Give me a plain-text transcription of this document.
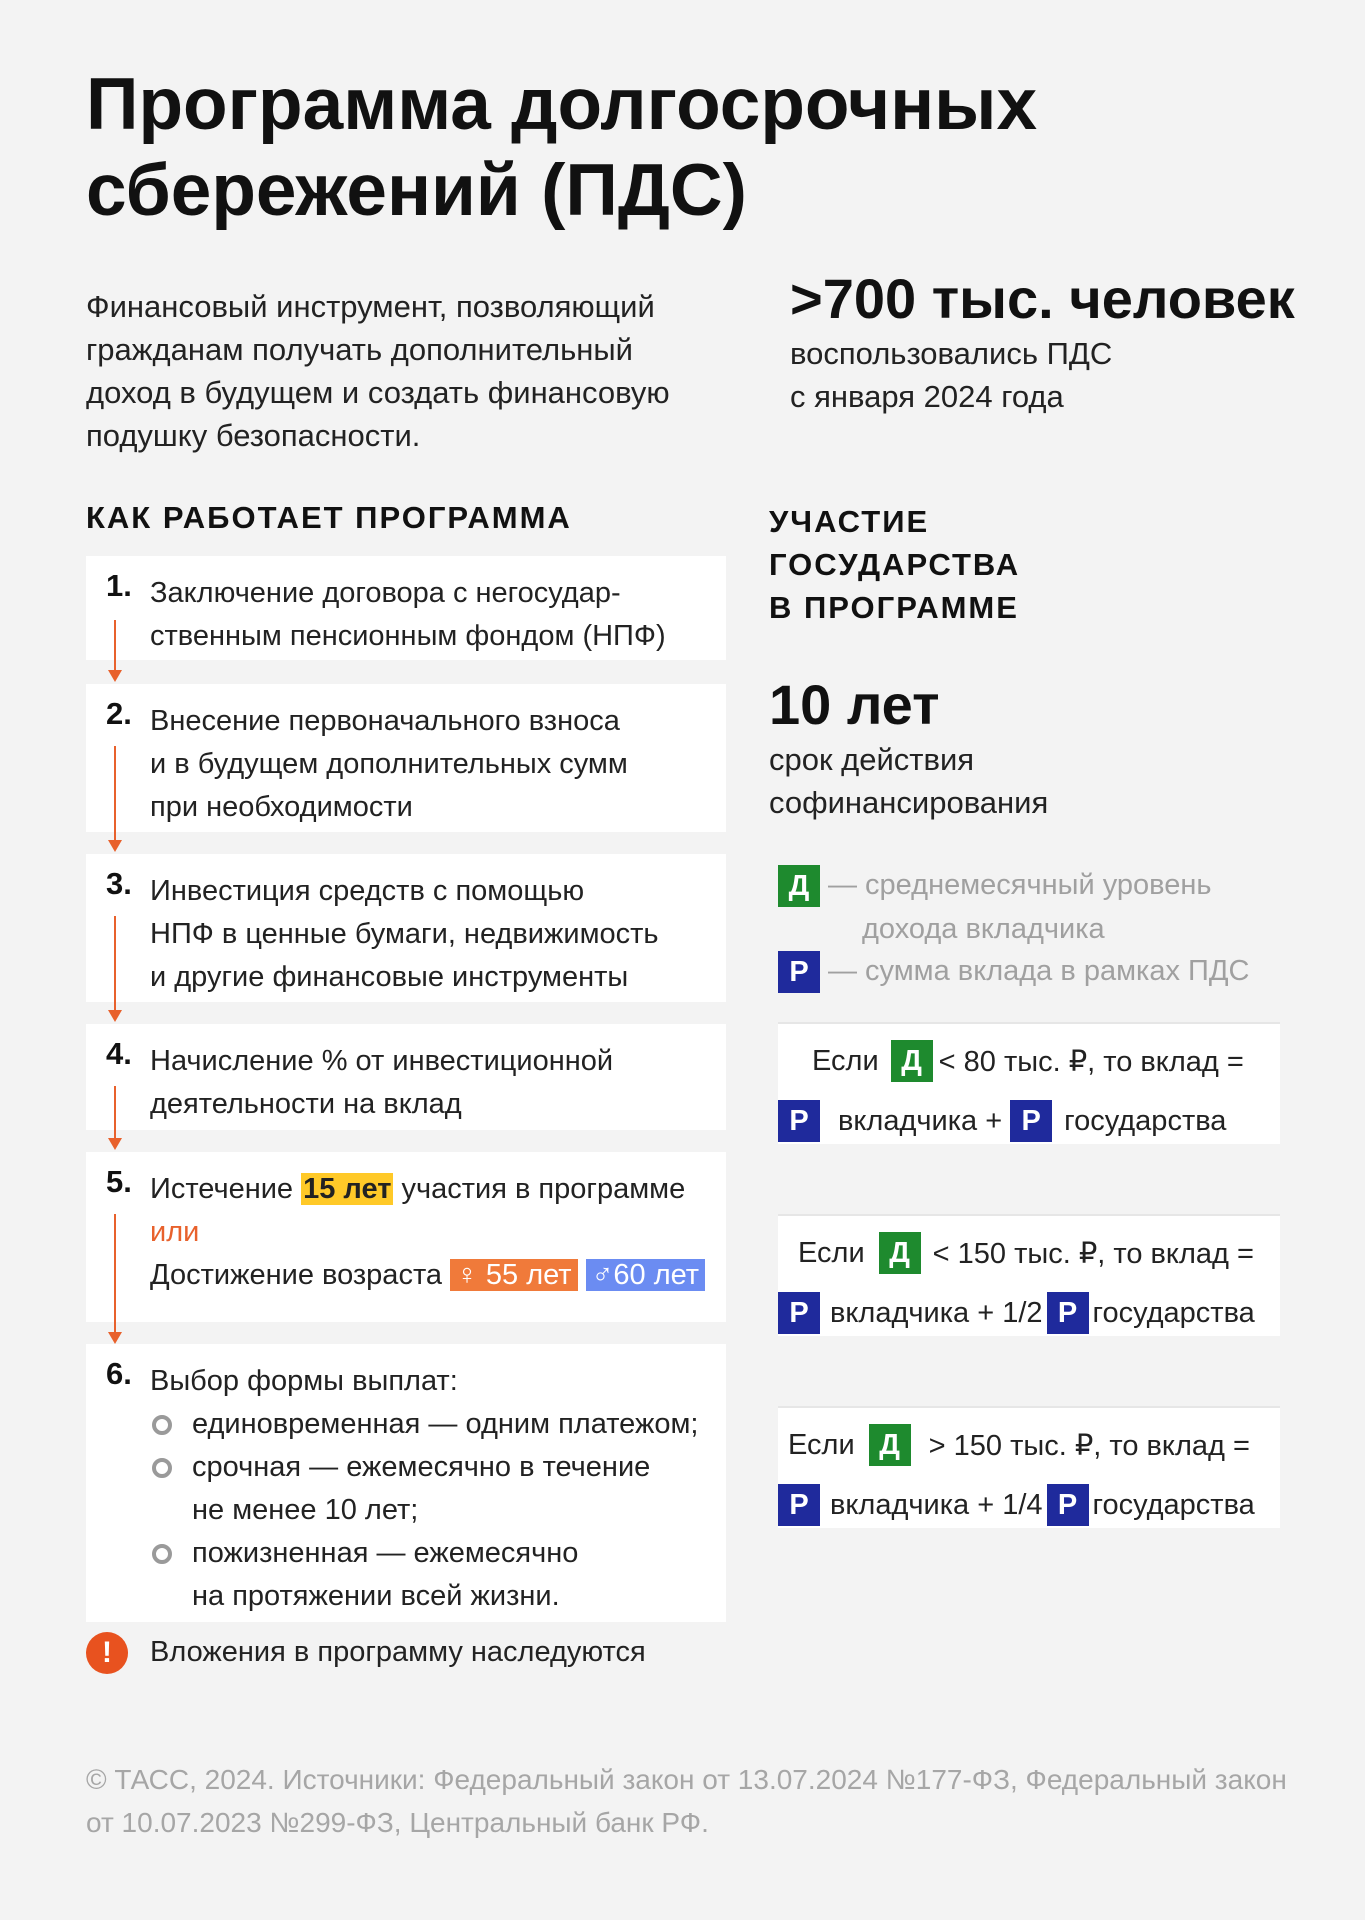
Программа долгосрочных
сбережений (ПДС)
Финансовый инструмент, позволяющий
гражданам получать дополнительный
доход в будущем и создать финансовую
подушку безопасности.
>700 тыс. человек
воспользовались ПДС
с января 2024 года
КАК РАБОТАЕТ ПРОГРАММА
1. Заключение договора с негосудар-
ственным пенсионным фондом (НПФ)
2. Внесение первоначального взноса
и в будущем дополнительных сумм
при необходимости
3. Инвестиция средств с помощью
НПФ в ценные бумаги, недвижимость
и другие финансовые инструменты
4. Начисление % от инвестиционной
деятельности на вклад
5. Истечение 15 лет участия в программе
или
Достижение возраста ♀ 55 лет ♂60 лет
6. Выбор формы выплат:
единовременная — одним платежом;
срочная — ежемесячно в течение
не менее 10 лет;
пожизненная — ежемесячно
на протяжении всей жизни.
!	Вложения в программу наследуются
УЧАСТИЕ
ГОСУДАРСТВА
В ПРОГРАММЕ
10 лет
срок действия
софинансирования
Д — среднемесячный уровень
дохода вкладчика
Р — сумма вклада в рамках ПДС
Если Д < 80 тыс. ₽, то вклад =
Р	вкладчика + Р государства
Если Д < 150 тыс. ₽, то вклад =
Р вкладчика + 1/2 Р государства
Если Д > 150 тыс. ₽, то вклад =
Р вкладчика + 1/4 Р государства
© ТАСС, 2024. Источники: Федеральный закон от 13.07.2024 №177-ФЗ, Федеральный закон от 10.07.2023 №299-ФЗ, Центральный банк РФ.
